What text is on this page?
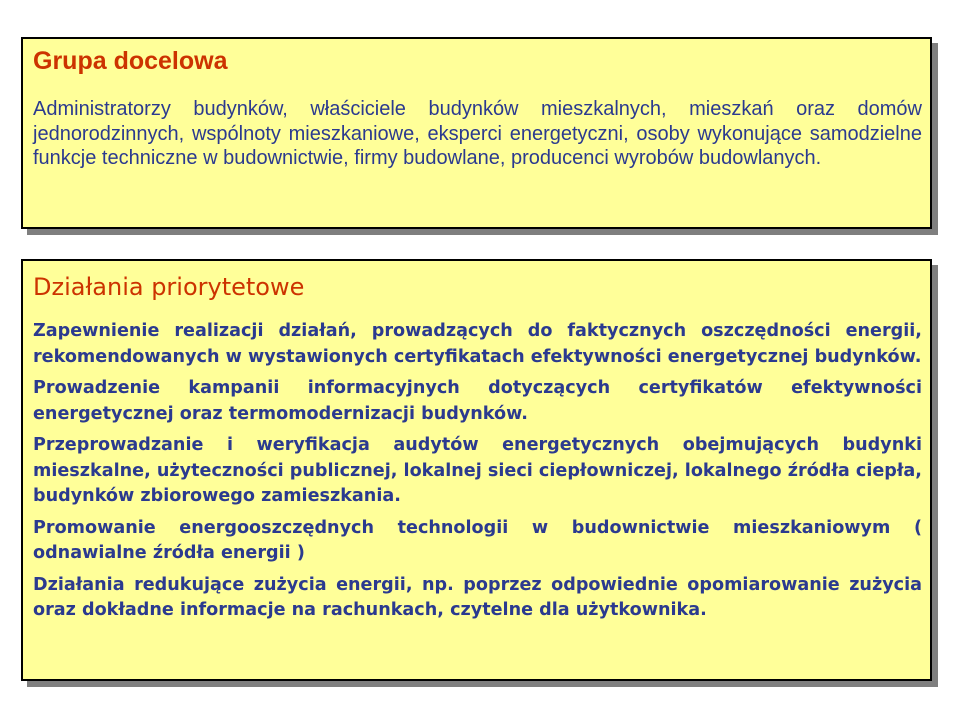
Grupa docelowa

Administratorzy budynków, właściciele budynków mieszkalnych, mieszkań oraz domów jednorodzinnych, wspólnoty mieszkaniowe, eksperci energetyczni, osoby wykonujące samodzielne funkcje techniczne w budownictwie, firmy budowlane, producenci wyrobów budowlanych.

Działania priorytetowe

Zapewnienie realizacji działań, prowadzących do faktycznych oszczędności energii, rekomendowanych w wystawionych certyfikatach efektywności energetycznej budynków.

Prowadzenie kampanii informacyjnych dotyczących certyfikatów efektywności energetycznej oraz termomodernizacji budynków.

Przeprowadzanie i weryfikacja audytów energetycznych obejmujących budynki mieszkalne, użyteczności publicznej, lokalnej sieci ciepłowniczej, lokalnego źródła ciepła, budynków zbiorowego zamieszkania.

Promowanie energooszczędnych technologii w budownictwie mieszkaniowym ( odnawialne źródła energii )

Działania redukujące zużycia energii, np. poprzez odpowiednie opomiarowanie zużycia oraz dokładne informacje na rachunkach, czytelne dla użytkownika.
